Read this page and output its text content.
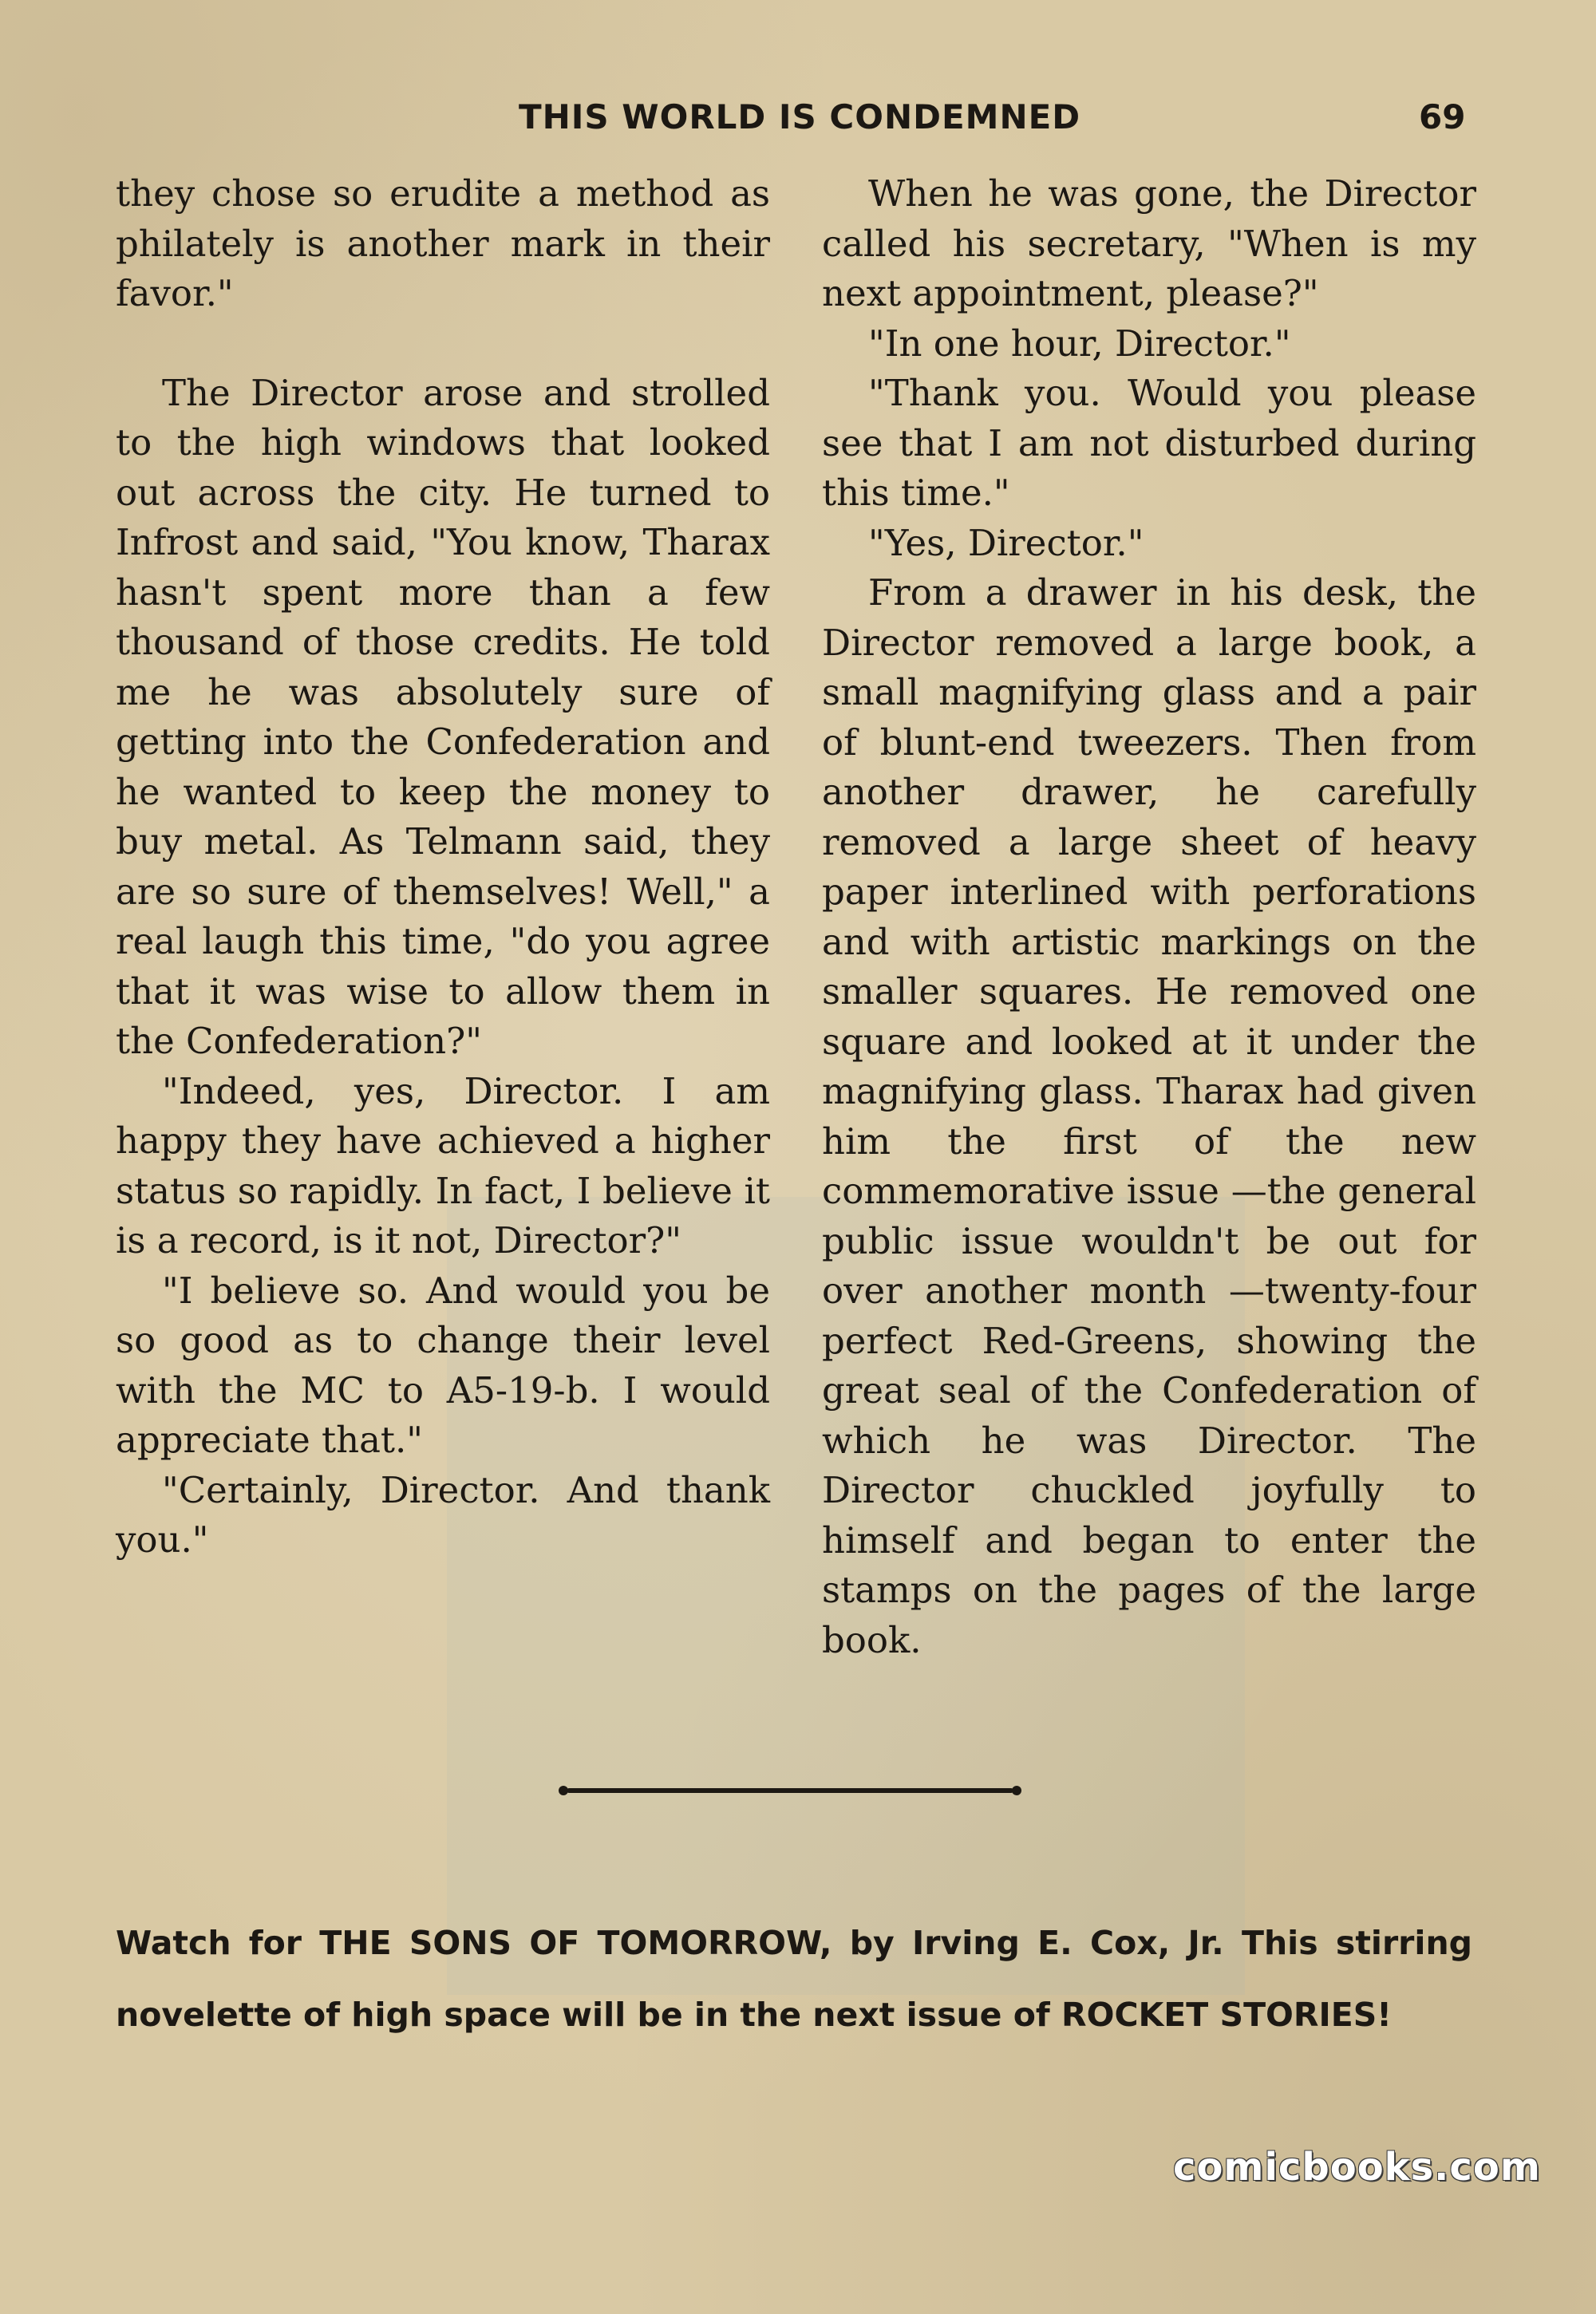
THIS WORLD IS CONDEMNED	69

they chose so erudite a method as philately is another mark in their favor."

The Director arose and strolled to the high windows that looked out across the city. He turned to Infrost and said, "You know, Tharax hasn't spent more than a few thousand of those credits. He told me he was absolutely sure of getting into the Confederation and he wanted to keep the money to buy metal. As Telmann said, they are so sure of themselves! Well," a real laugh this time, "do you agree that it was wise to allow them in the Confederation?"

"Indeed, yes, Director. I am happy they have achieved a higher status so rapidly. In fact, I believe it is a record, is it not, Director?"

"I believe so. And would you be so good as to change their level with the MC to A5-19-b. I would appreciate that."

"Certainly, Director. And thank you."

When he was gone, the Director called his secretary, "When is my next appointment, please?"

"In one hour, Director."

"Thank you. Would you please see that I am not disturbed during this time."

"Yes, Director."

From a drawer in his desk, the Director removed a large book, a small magnifying glass and a pair of blunt-end tweezers. Then from another drawer, he carefully removed a large sheet of heavy paper interlined with perforations and with artistic markings on the smaller squares. He removed one square and looked at it under the magnifying glass. Tharax had given him the first of the new commemorative issue —the general public issue wouldn't be out for over another month —twenty-four perfect Red-Greens, showing the great seal of the Confederation of which he was Director. The Director chuckled joyfully to himself and began to enter the stamps on the pages of the large book.

Watch for THE SONS OF TOMORROW, by Irving E. Cox, Jr. This stirring novelette of high space will be in the next issue of ROCKET STORIES!

comicbooks.com
